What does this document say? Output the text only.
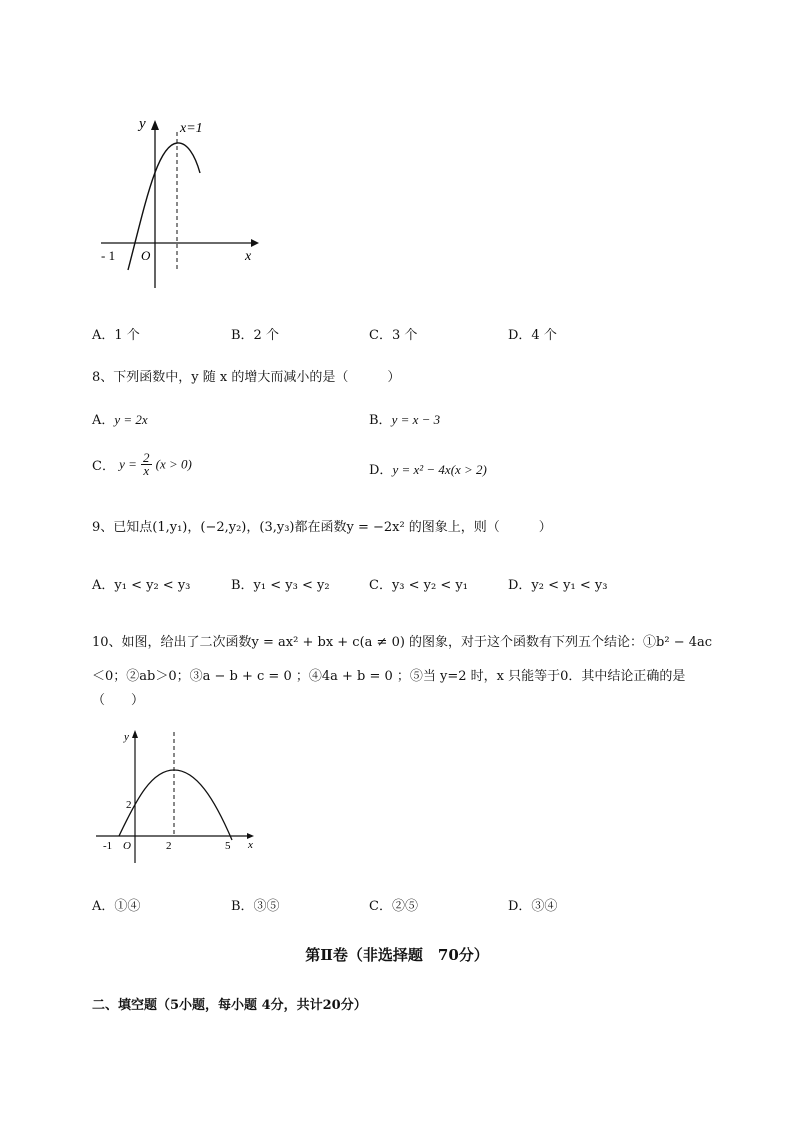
y x=1
O
- 1	x
A．1 个	B．2 个	C．3 个	D．4 个
8、下列函数中，y 随 x 的增大而减小的是（　　　）
A．y = 2x	B．y = x − 3
C． $y = \frac{2}{x} (x > 0)$	D．y = x² − 4x(x > 2)
9、已知点(1,y₁)，(−2,y₂)，(3,y₃)都在函数y = −2x² 的图象上，则（　　　）
A．y₁ < y₂ < y₃	B．y₁ < y₃ < y₂	C．y₃ < y₂ < y₁	D．y₂ < y₁ < y₃
10、如图，给出了二次函数y = ax² + bx + c(a ≠ 0) 的图象，对于这个函数有下列五个结论：①b² − 4ac
＜0；②ab＞0；③a − b + c = 0 ；④4a + b = 0 ；⑤当 y=2 时，x 只能等于0．其中结论正确的是
（　　）
y
2
-1 O	2	5 x
A．①④	B．③⑤	C．②⑤	D．③④
第Ⅱ卷（非选择题　70分）
二、填空题（5小题，每小题 4分，共计20分）
